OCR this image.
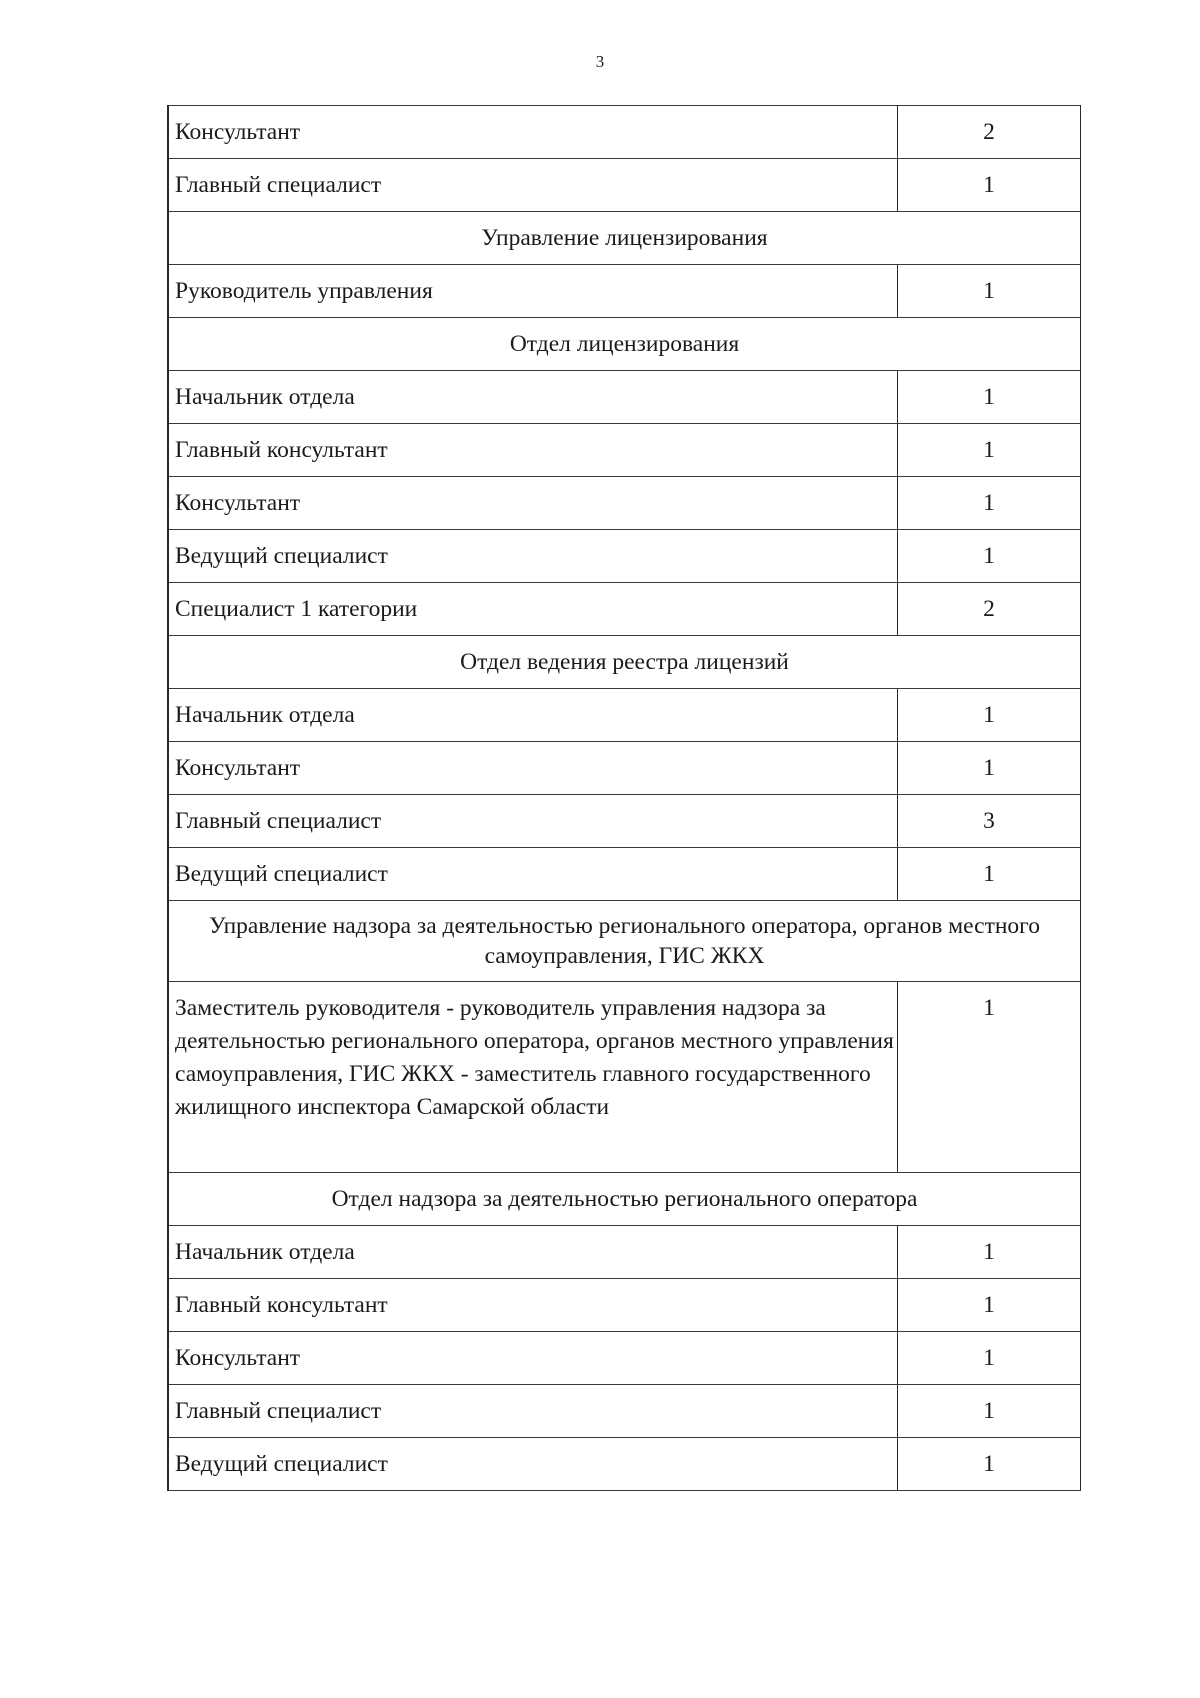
3
Консультант	2
Главный специалист	1
Управление лицензирования	
Руководитель управления	1
Отдел лицензирования	
Начальник отдела	1
Главный консультант	1
Консультант	1
Ведущий специалист	1
Специалист 1 категории	2
Отдел ведения реестра лицензий	
Начальник отдела	1
Консультант	1
Главный специалист	3
Ведущий специалист	1
Управление надзора за деятельностью регионального оператора, органов местного самоуправления, ГИС ЖКХ	
Заместитель руководителя - руководитель управления надзора за деятельностью регионального оператора, органов местного управления самоуправления, ГИС ЖКХ - заместитель главного государственного жилищного инспектора Самарской области	1
Отдел надзора за деятельностью регионального оператора	
Начальник отдела	1
Главный консультант	1
Консультант	1
Главный специалист	1
Ведущий специалист	1
